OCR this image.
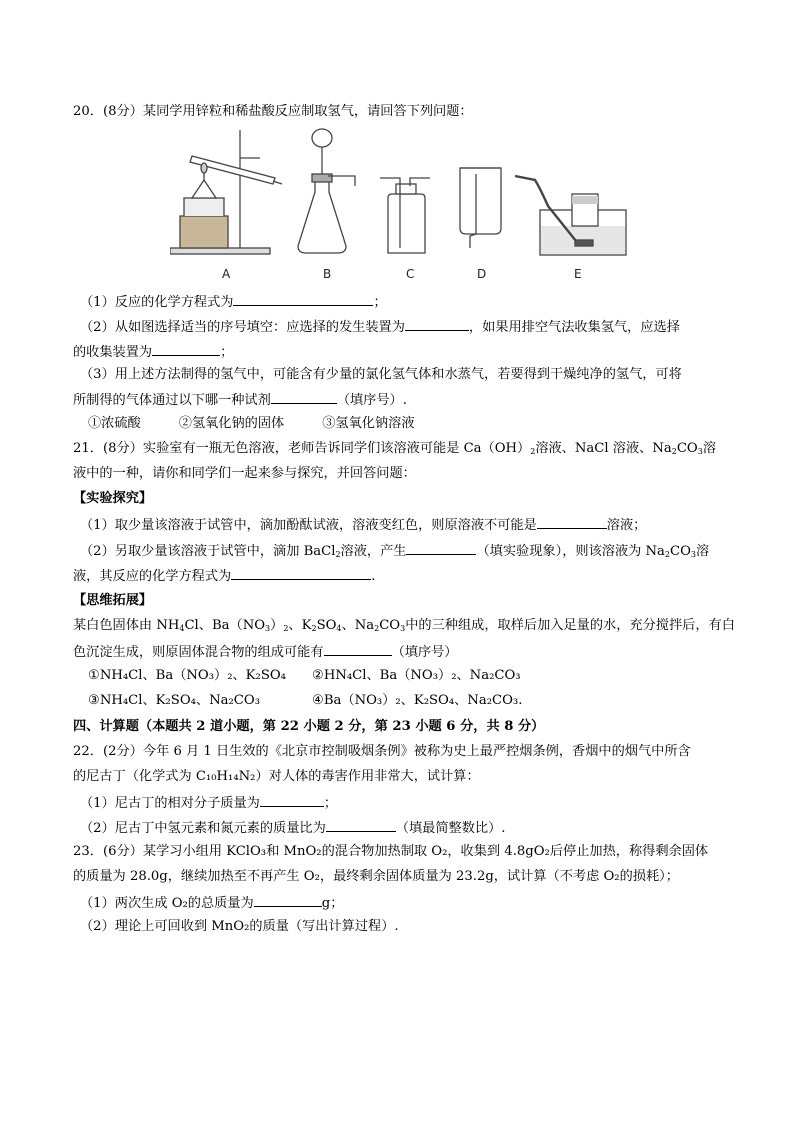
20．(8分）某同学用锌粒和稀盐酸反应制取氢气，请回答下列问题：
A	B	C	D	E
（1）反应的化学方程式为	；
（2）从如图选择适当的序号填空：应选择的发生装置为	，如果用排空气法收集氢气，应选择
的收集装置为	；
（3）用上述方法制得的氢气中，可能含有少量的氯化氢气体和水蒸气，若要得到干燥纯净的氢气，可将
所制得的气体通过以下哪一种试剂	（填序号）.
①浓硫酸	②氢氧化钠的固体	③氢氧化钠溶液
21．(8分）实验室有一瓶无色溶液，老师告诉同学们该溶液可能是 $Ca(OH)_2$溶液、NaCl 溶液、$Na_2CO_3$溶
液中的一种，请你和同学们一起来参与探究，并回答问题：
【实验探究】
（1）取少量该溶液于试管中，滴加酚酞试液，溶液变红色，则原溶液不可能是	溶液；
（2）另取少量该溶液于试管中，滴加 BaCl$_2$溶液，产生	（填实验现象），则该溶液为 $Na_2CO_3$溶
液，其反应的化学方程式为	.
【思维拓展】
某白色固体由 $NH_4Cl$、$Ba(NO_3)_2$、$K_2SO_4$、$Na_2CO_3$中的三种组成，取样后加入足量的水，充分搅拌后，有白
色沉淀生成，则原固体混合物的组成可能有	（填序号）
①NH₄Cl、Ba（NO₃）₂、K₂SO₄ ②HN₄Cl、Ba（NO₃）₂、Na₂CO₃
③NH₄Cl、K₂SO₄、Na₂CO₃	④Ba（NO₃）₂、K₂SO₄、Na₂CO₃.
四、计算题（本题共 2 道小题，第 22 小题 2 分，第 23 小题 6 分，共 8 分）
22．(2分）今年 6 月 1 日生效的《北京市控制吸烟条例》被称为史上最严控烟条例，香烟中的烟气中所含
的尼古丁（化学式为 C₁₀H₁₄N₂）对人体的毒害作用非常大，试计算：
（1）尼古丁的相对分子质量为	；
（2）尼古丁中氢元素和氮元素的质量比为	（填最简整数比）.
23．(6分）某学习小组用 KClO₃和 MnO₂的混合物加热制取 O₂，收集到 4.8gO₂后停止加热，称得剩余固体
的质量为 28.0g，继续加热至不再产生 O₂，最终剩余固体质量为 23.2g，试计算（不考虑 O₂的损耗）；
（1）两次生成 O₂的总质量为	g；
（2）理论上可回收到 MnO₂的质量（写出计算过程）.
